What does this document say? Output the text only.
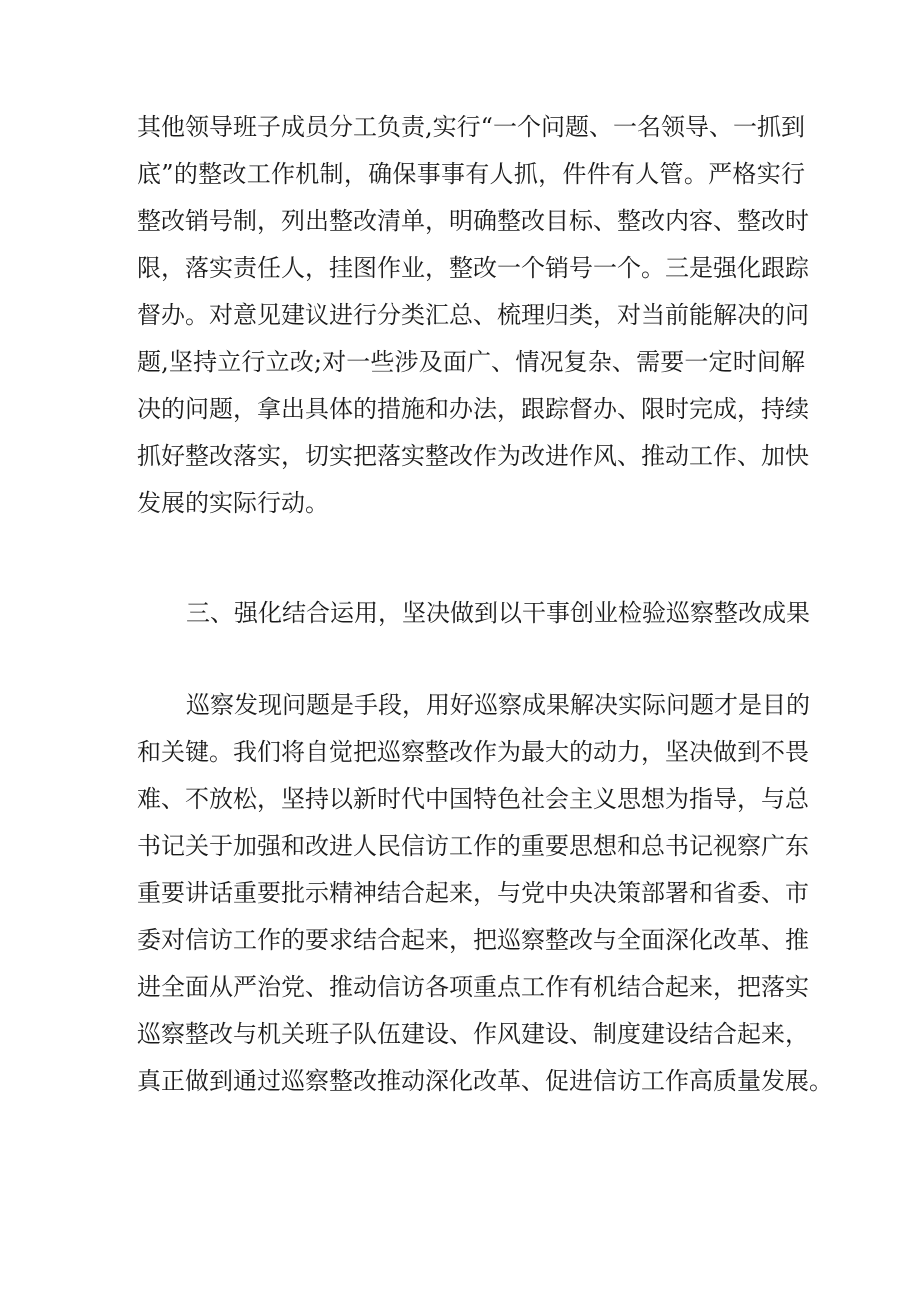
其他领导班子成员分工负责,实行“一个问题、一名领导、一抓到
底”的整改工作机制，确保事事有人抓，件件有人管。严格实行
整改销号制，列出整改清单，明确整改目标、整改内容、整改时
限，落实责任人，挂图作业，整改一个销号一个。三是强化跟踪
督办。对意见建议进行分类汇总、梳理归类，对当前能解决的问
题,坚持立行立改;对一些涉及面广、情况复杂、需要一定时间解
决的问题，拿出具体的措施和办法，跟踪督办、限时完成，持续
抓好整改落实，切实把落实整改作为改进作风、推动工作、加快
发展的实际行动。
三、强化结合运用，坚决做到以干事创业检验巡察整改成果
巡察发现问题是手段，用好巡察成果解决实际问题才是目的
和关键。我们将自觉把巡察整改作为最大的动力，坚决做到不畏
难、不放松，坚持以新时代中国特色社会主义思想为指导，与总
书记关于加强和改进人民信访工作的重要思想和总书记视察广东
重要讲话重要批示精神结合起来，与党中央决策部署和省委、市
委对信访工作的要求结合起来，把巡察整改与全面深化改革、推
进全面从严治党、推动信访各项重点工作有机结合起来，把落实
巡察整改与机关班子队伍建设、作风建设、制度建设结合起来，
真正做到通过巡察整改推动深化改革、促进信访工作高质量发展。
